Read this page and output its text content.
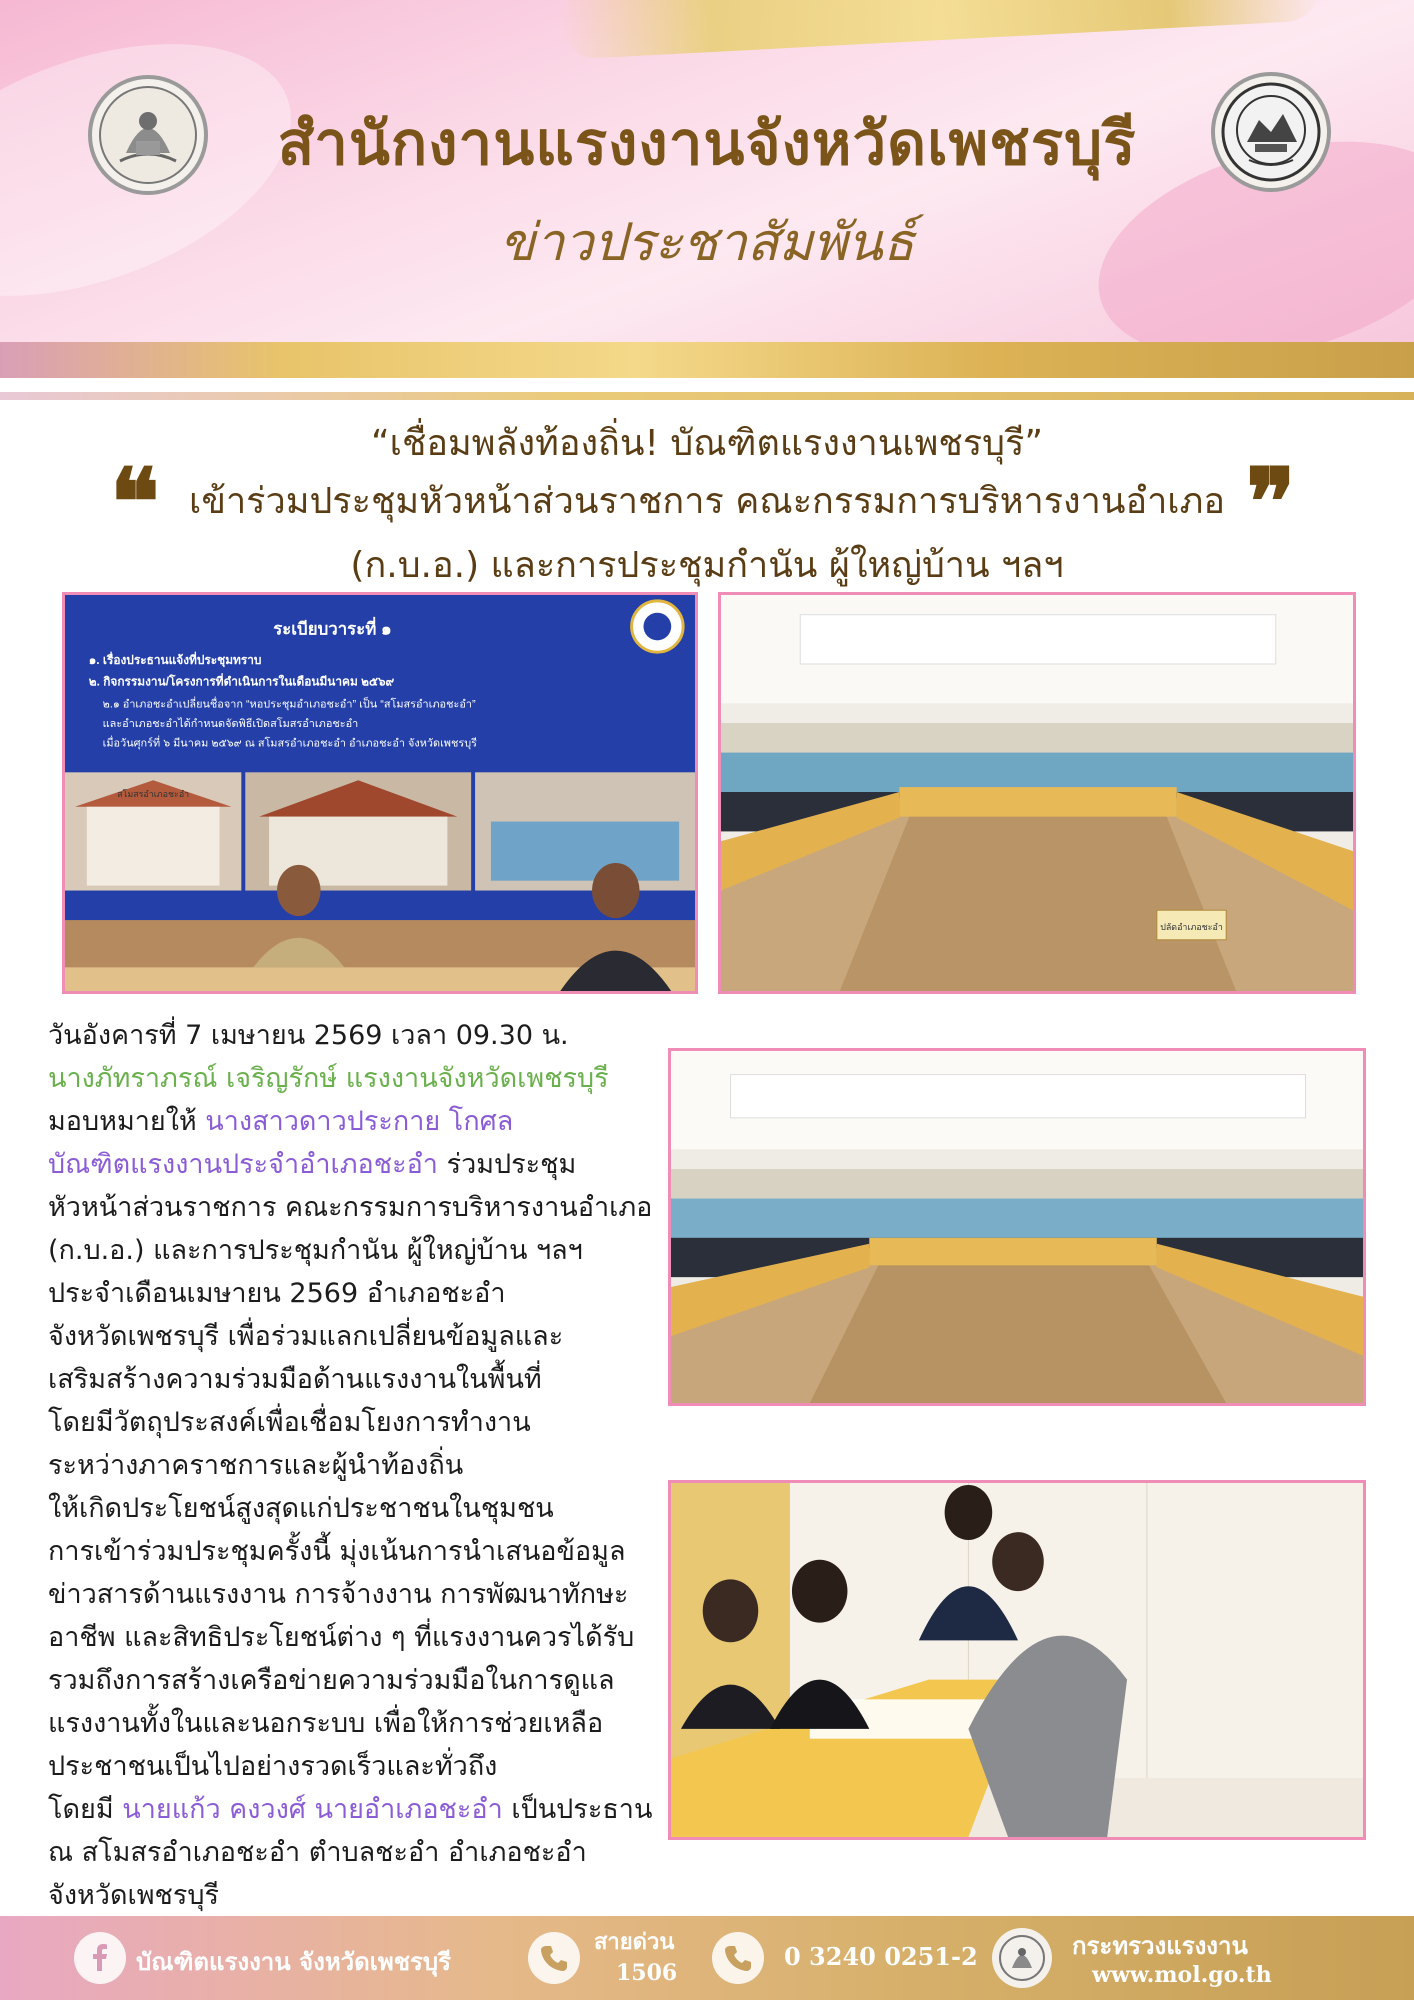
สำนักงานแรงงานจังหวัดเพชรบุรี
ข่าวประชาสัมพันธ์
“เชื่อมพลังท้องถิ่น! บัณฑิตแรงงานเพชรบุรี”
❝ เข้าร่วมประชุมหัวหน้าส่วนราชการ คณะกรรมการบริหารงานอำเภอ ❞
(ก.บ.อ.) และการประชุมกำนัน ผู้ใหญ่บ้าน ฯลฯ
ระเบียบวาระที่ ๑
๑. เรื่องประธานแจ้งที่ประชุมทราบ
๒. กิจกรรมงาน/โครงการที่ดำเนินการในเดือนมีนาคม ๒๕๖๙
๒.๑ อำเภอชะอำเปลี่ยนชื่อจาก “หอประชุมอำเภอชะอำ” เป็น “สโมสรอำเภอชะอำ”
และอำเภอชะอำได้กำหนดจัดพิธีเปิดสโมสรอำเภอชะอำ
เมื่อวันศุกร์ที่ ๖ มีนาคม ๒๕๖๙ ณ สโมสรอำเภอชะอำ อำเภอชะอำ จังหวัดเพชรบุรี
สโมสรอำเภอชะอำ
ปลัดอำเภอชะอำ
วันอังคารที่ 7 เมษายน 2569 เวลา 09.30 น.
นางภัทราภรณ์ เจริญรักษ์ แรงงานจังหวัดเพชรบุรี
มอบหมายให้ นางสาวดาวประกาย โกศล
บัณฑิตแรงงานประจำอำเภอชะอำ ร่วมประชุม
หัวหน้าส่วนราชการ คณะกรรมการบริหารงานอำเภอ
(ก.บ.อ.) และการประชุมกำนัน ผู้ใหญ่บ้าน ฯลฯ
ประจำเดือนเมษายน 2569 อำเภอชะอำ
จังหวัดเพชรบุรี เพื่อร่วมแลกเปลี่ยนข้อมูลและ
เสริมสร้างความร่วมมือด้านแรงงานในพื้นที่
โดยมีวัตถุประสงค์เพื่อเชื่อมโยงการทำงาน
ระหว่างภาคราชการและผู้นำท้องถิ่น
ให้เกิดประโยชน์สูงสุดแก่ประชาชนในชุมชน
การเข้าร่วมประชุมครั้งนี้ มุ่งเน้นการนำเสนอข้อมูล
ข่าวสารด้านแรงงาน การจ้างงาน การพัฒนาทักษะ
อาชีพ และสิทธิประโยชน์ต่าง ๆ ที่แรงงานควรได้รับ
รวมถึงการสร้างเครือข่ายความร่วมมือในการดูแล
แรงงานทั้งในและนอกระบบ เพื่อให้การช่วยเหลือ
ประชาชนเป็นไปอย่างรวดเร็วและทั่วถึง
โดยมี นายแก้ว คงวงศ์ นายอำเภอชะอำ เป็นประธาน
ณ สโมสรอำเภอชะอำ ตำบลชะอำ อำเภอชะอำ
จังหวัดเพชรบุรี
บัณฑิตแรงงาน จังหวัดเพชรบุรี
สายด่วน
1506
0 3240 0251-2	กระทรวงแรงงาน
www.mol.go.th
